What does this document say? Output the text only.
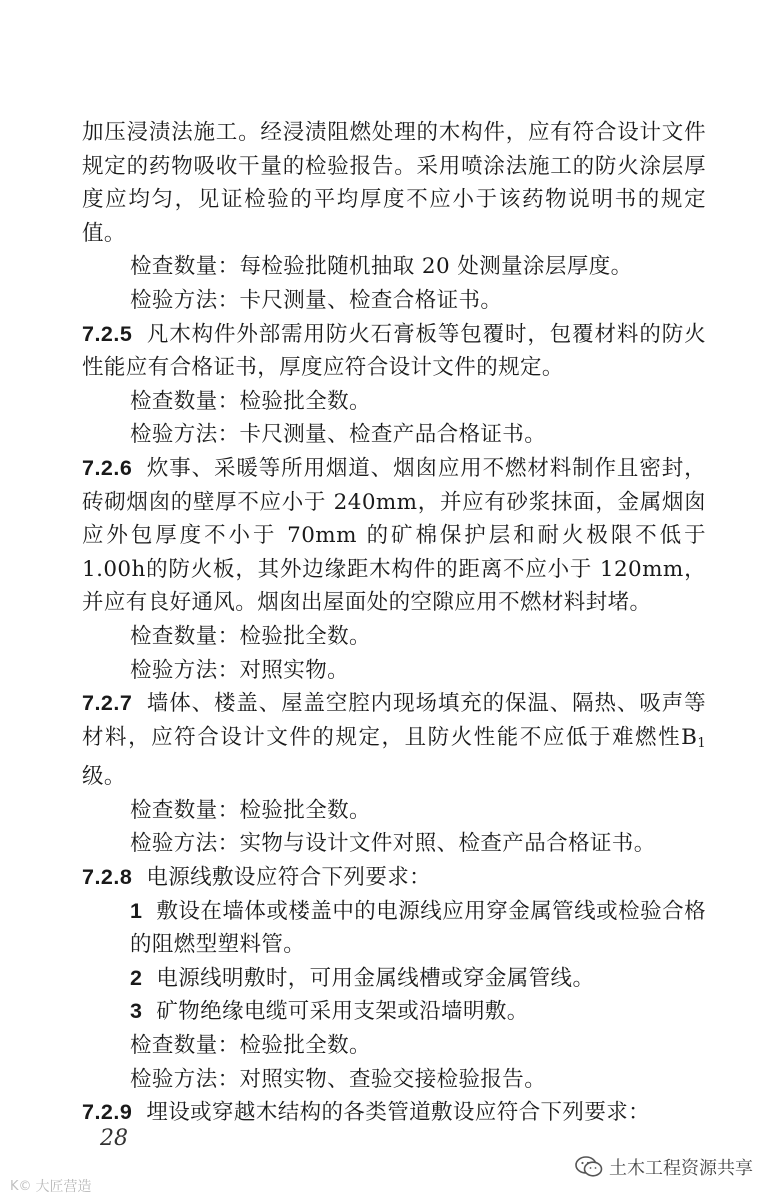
加压浸渍法施工。经浸渍阻燃处理的木构件，应有符合设计文件规定的药物吸收干量的检验报告。采用喷涂法施工的防火涂层厚度应均匀，见证检验的平均厚度不应小于该药物说明书的规定值。

检查数量：每检验批随机抽取 20 处测量涂层厚度。

检验方法：卡尺测量、检查合格证书。

7.2.5 凡木构件外部需用防火石膏板等包覆时，包覆材料的防火性能应有合格证书，厚度应符合设计文件的规定。

检查数量：检验批全数。

检验方法：卡尺测量、检查产品合格证书。

7.2.6 炊事、采暖等所用烟道、烟囱应用不燃材料制作且密封，砖砌烟囱的壁厚不应小于 240mm，并应有砂浆抹面，金属烟囱应外包厚度不小于 70mm 的矿棉保护层和耐火极限不低于 1.00h的防火板，其外边缘距木构件的距离不应小于 120mm，并应有良好通风。烟囱出屋面处的空隙应用不燃材料封堵。

检查数量：检验批全数。

检验方法：对照实物。

7.2.7 墙体、楼盖、屋盖空腔内现场填充的保温、隔热、吸声等材料，应符合设计文件的规定，且防火性能不应低于难燃性$B_1$ 级。

检查数量：检验批全数。

检验方法：实物与设计文件对照、检查产品合格证书。

7.2.8 电源线敷设应符合下列要求：

1 敷设在墙体或楼盖中的电源线应用穿金属管线或检验合格的阻燃型塑料管。

2 电源线明敷时，可用金属线槽或穿金属管线。

3 矿物绝缘电缆可采用支架或沿墙明敷。

检查数量：检验批全数。

检验方法：对照实物、查验交接检验报告。

7.2.9 埋设或穿越木结构的各类管道敷设应符合下列要求：

28
K© 大匠营造
土木工程资源共享
